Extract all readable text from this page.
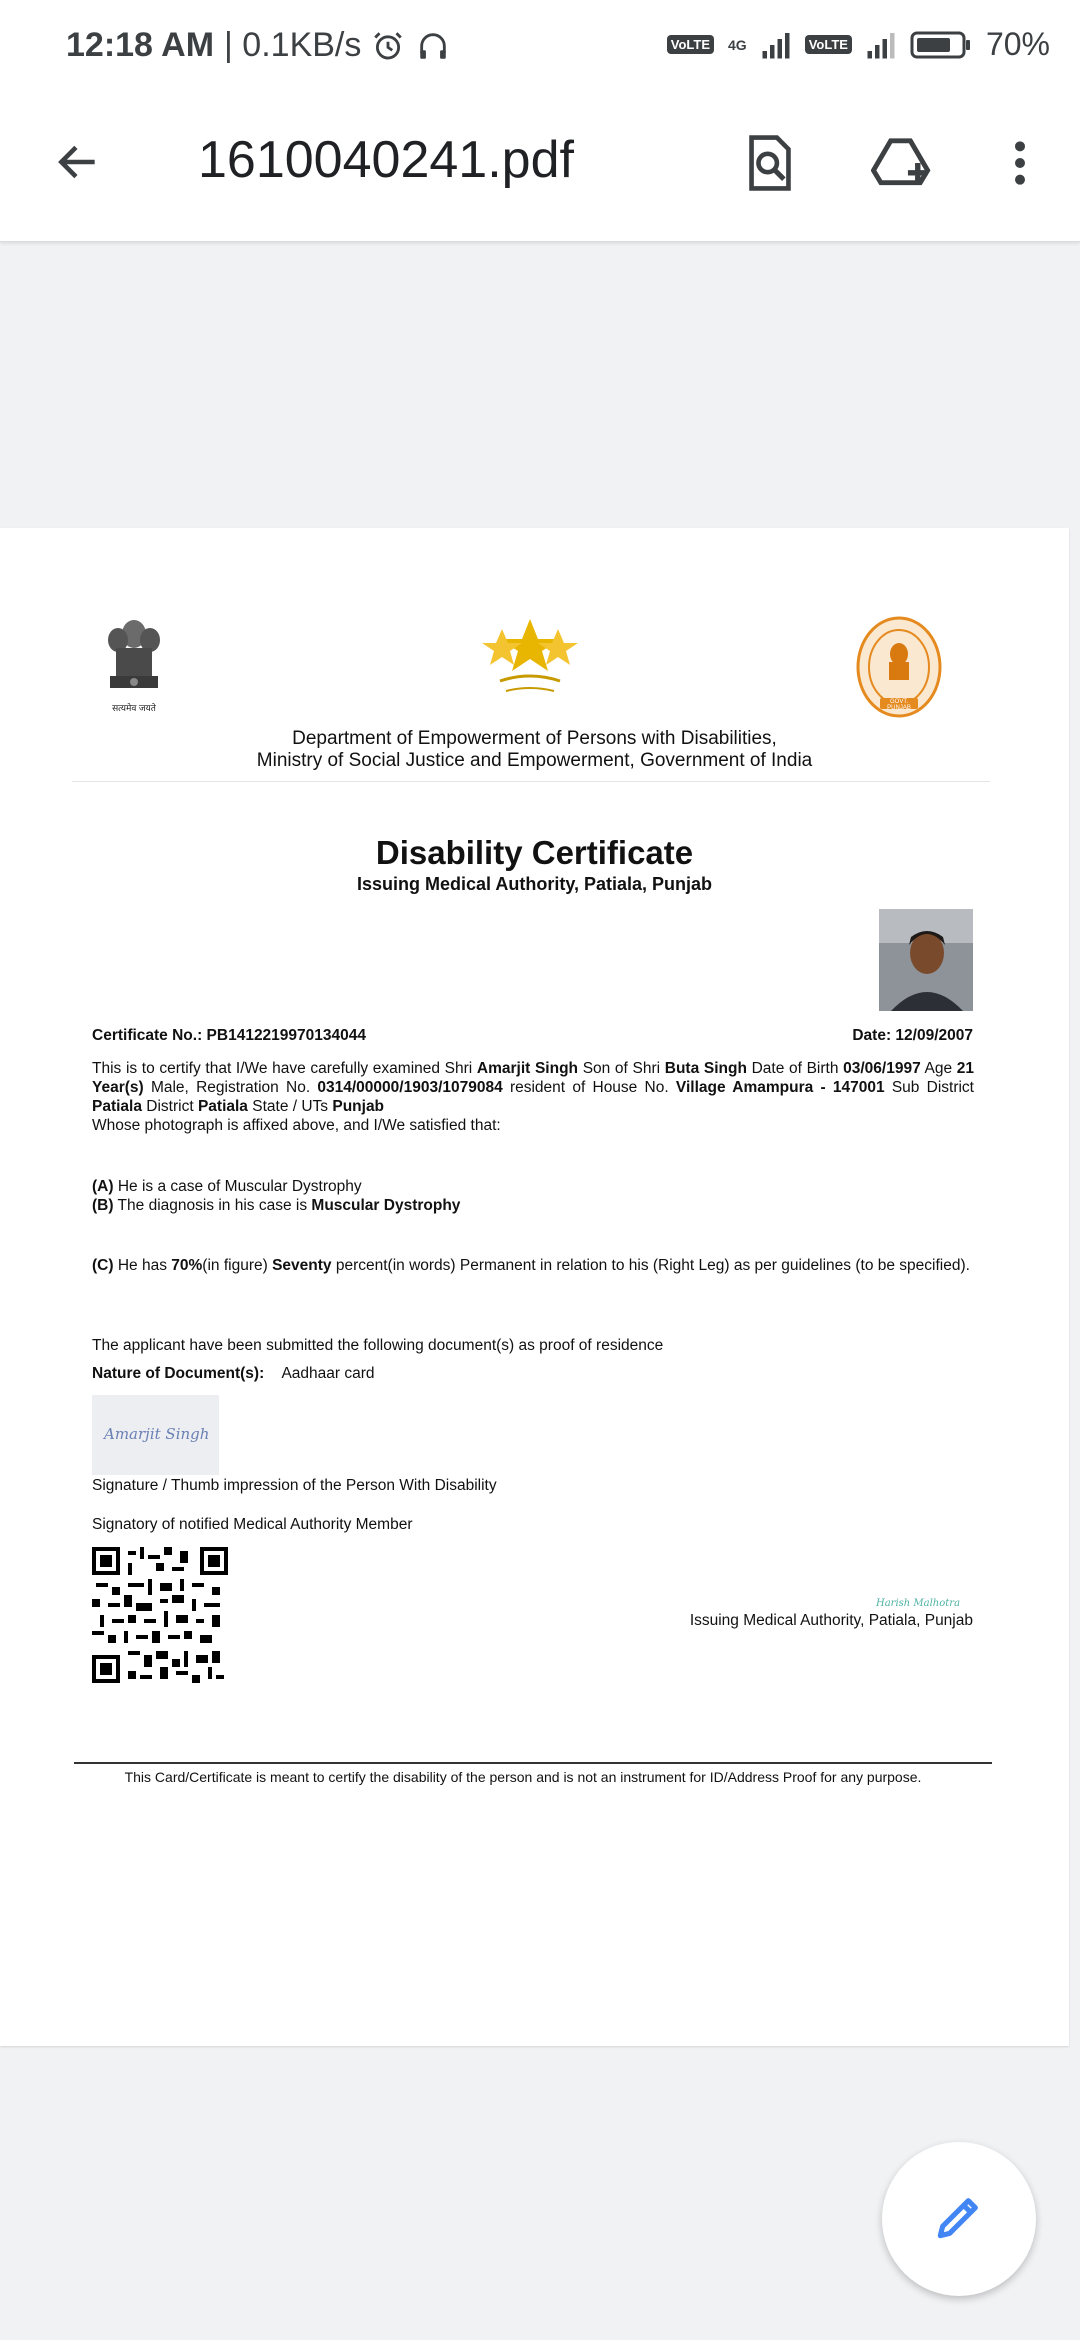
12:18 AM | 0.1KB/s	VoLTE 4G	VoLTE	70%
1610040241.pdf
सत्यमेव जयते
GOVT. PUNJAB
Department of Empowerment of Persons with Disabilities,
Ministry of Social Justice and Empowerment, Government of India
Disability Certificate
Issuing Medical Authority, Patiala, Punjab
Certificate No.: PB1412219970134044	Date: 12/09/2007
This is to certify that I/We have carefully examined Shri Amarjit Singh Son of Shri Buta Singh Date of Birth 03/06/1997 Age 21 Year(s) Male, Registration No. 0314/00000/1903/1079084 resident of House No. Village Amampura - 147001 Sub District Patiala District Patiala State / UTs Punjab
Whose photograph is affixed above, and I/We satisfied that:
(A) He is a case of Muscular Dystrophy
(B) The diagnosis in his case is Muscular Dystrophy
(C) He has 70%(in figure) Seventy percent(in words) Permanent in relation to his (Right Leg) as per guidelines (to be specified).
The applicant have been submitted the following document(s) as proof of residence
Nature of Document(s): Aadhaar card
Amarjit Singh
Signature / Thumb impression of the Person With Disability
Signatory of notified Medical Authority Member
Harish Malhotra
Issuing Medical Authority, Patiala, Punjab
This Card/Certificate is meant to certify the disability of the person and is not an instrument for ID/Address Proof for any purpose.
